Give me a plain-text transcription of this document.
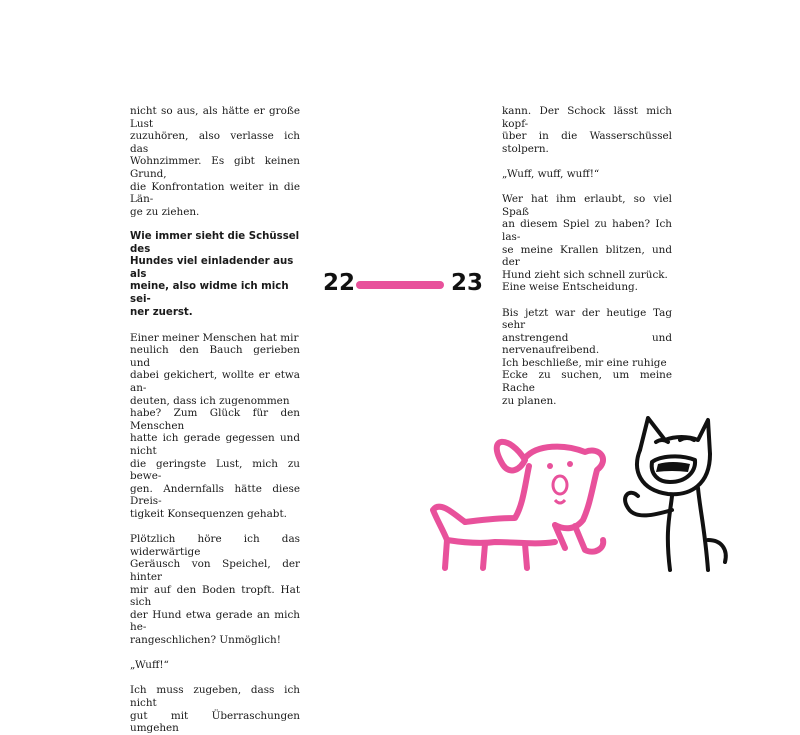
nicht so aus, als hätte er große Lust
zuzuhören, also verlasse ich das
Wohnzimmer. Es gibt keinen Grund,
die Konfrontation weiter in die Län-
ge zu ziehen.

Wie immer sieht die Schüssel des
Hundes viel einladender aus als
meine, also widme ich mich sei-
ner zuerst.

Einer meiner Menschen hat mir
neulich den Bauch gerieben und
dabei gekichert, wollte er etwa an-
deuten, dass ich zugenommen
habe? Zum Glück für den Menschen
hatte ich gerade gegessen und nicht
die geringste Lust, mich zu bewe-
gen. Andernfalls hätte diese Dreis-
tigkeit Konsequenzen gehabt.

Plötzlich höre ich das widerwärtige
Geräusch von Speichel, der hinter
mir auf den Boden tropft. Hat sich
der Hund etwa gerade an mich he-
rangeschlichen? Unmöglich!

„Wuff!“

Ich muss zugeben, dass ich nicht
gut mit Überraschungen umgehen

kann. Der Schock lässt mich kopf-
über in die Wasserschüssel stolpern.

„Wuff, wuff, wuff!“

Wer hat ihm erlaubt, so viel Spaß
an diesem Spiel zu haben? Ich las-
se meine Krallen blitzen, und der
Hund zieht sich schnell zurück.
Eine weise Entscheidung.

Bis jetzt war der heutige Tag sehr
anstrengend und nervenaufreibend.
Ich beschließe, mir eine ruhige
Ecke zu suchen, um meine Rache
zu planen.

22	23
